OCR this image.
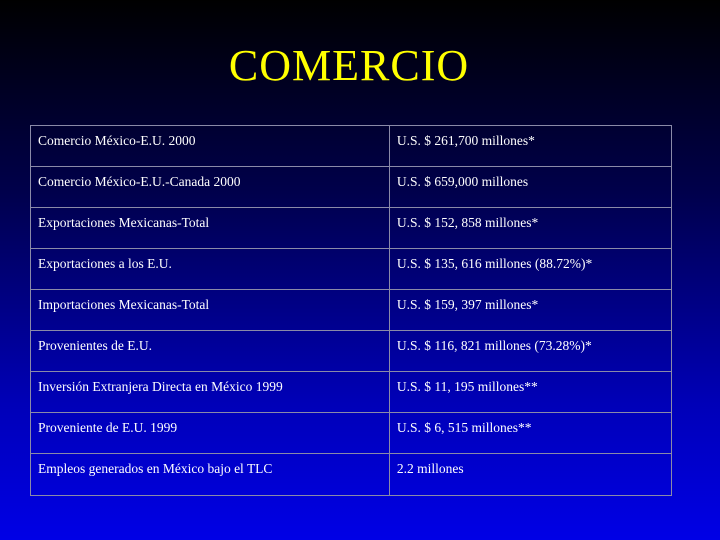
COMERCIO
Comercio México-E.U. 2000	U.S. $ 261,700 millones*
Comercio México-E.U.-Canada 2000	U.S. $ 659,000 millones
Exportaciones Mexicanas-Total	U.S. $ 152, 858 millones*
Exportaciones a los E.U.	U.S. $ 135, 616 millones (88.72%)*
Importaciones Mexicanas-Total	U.S. $ 159, 397 millones*
Provenientes de E.U.	U.S. $ 116, 821 millones (73.28%)*
Inversión Extranjera Directa en México 1999	U.S. $ 11, 195 millones**
Proveniente de E.U. 1999	U.S. $ 6, 515 millones**
Empleos generados en México bajo el TLC	2.2 millones
